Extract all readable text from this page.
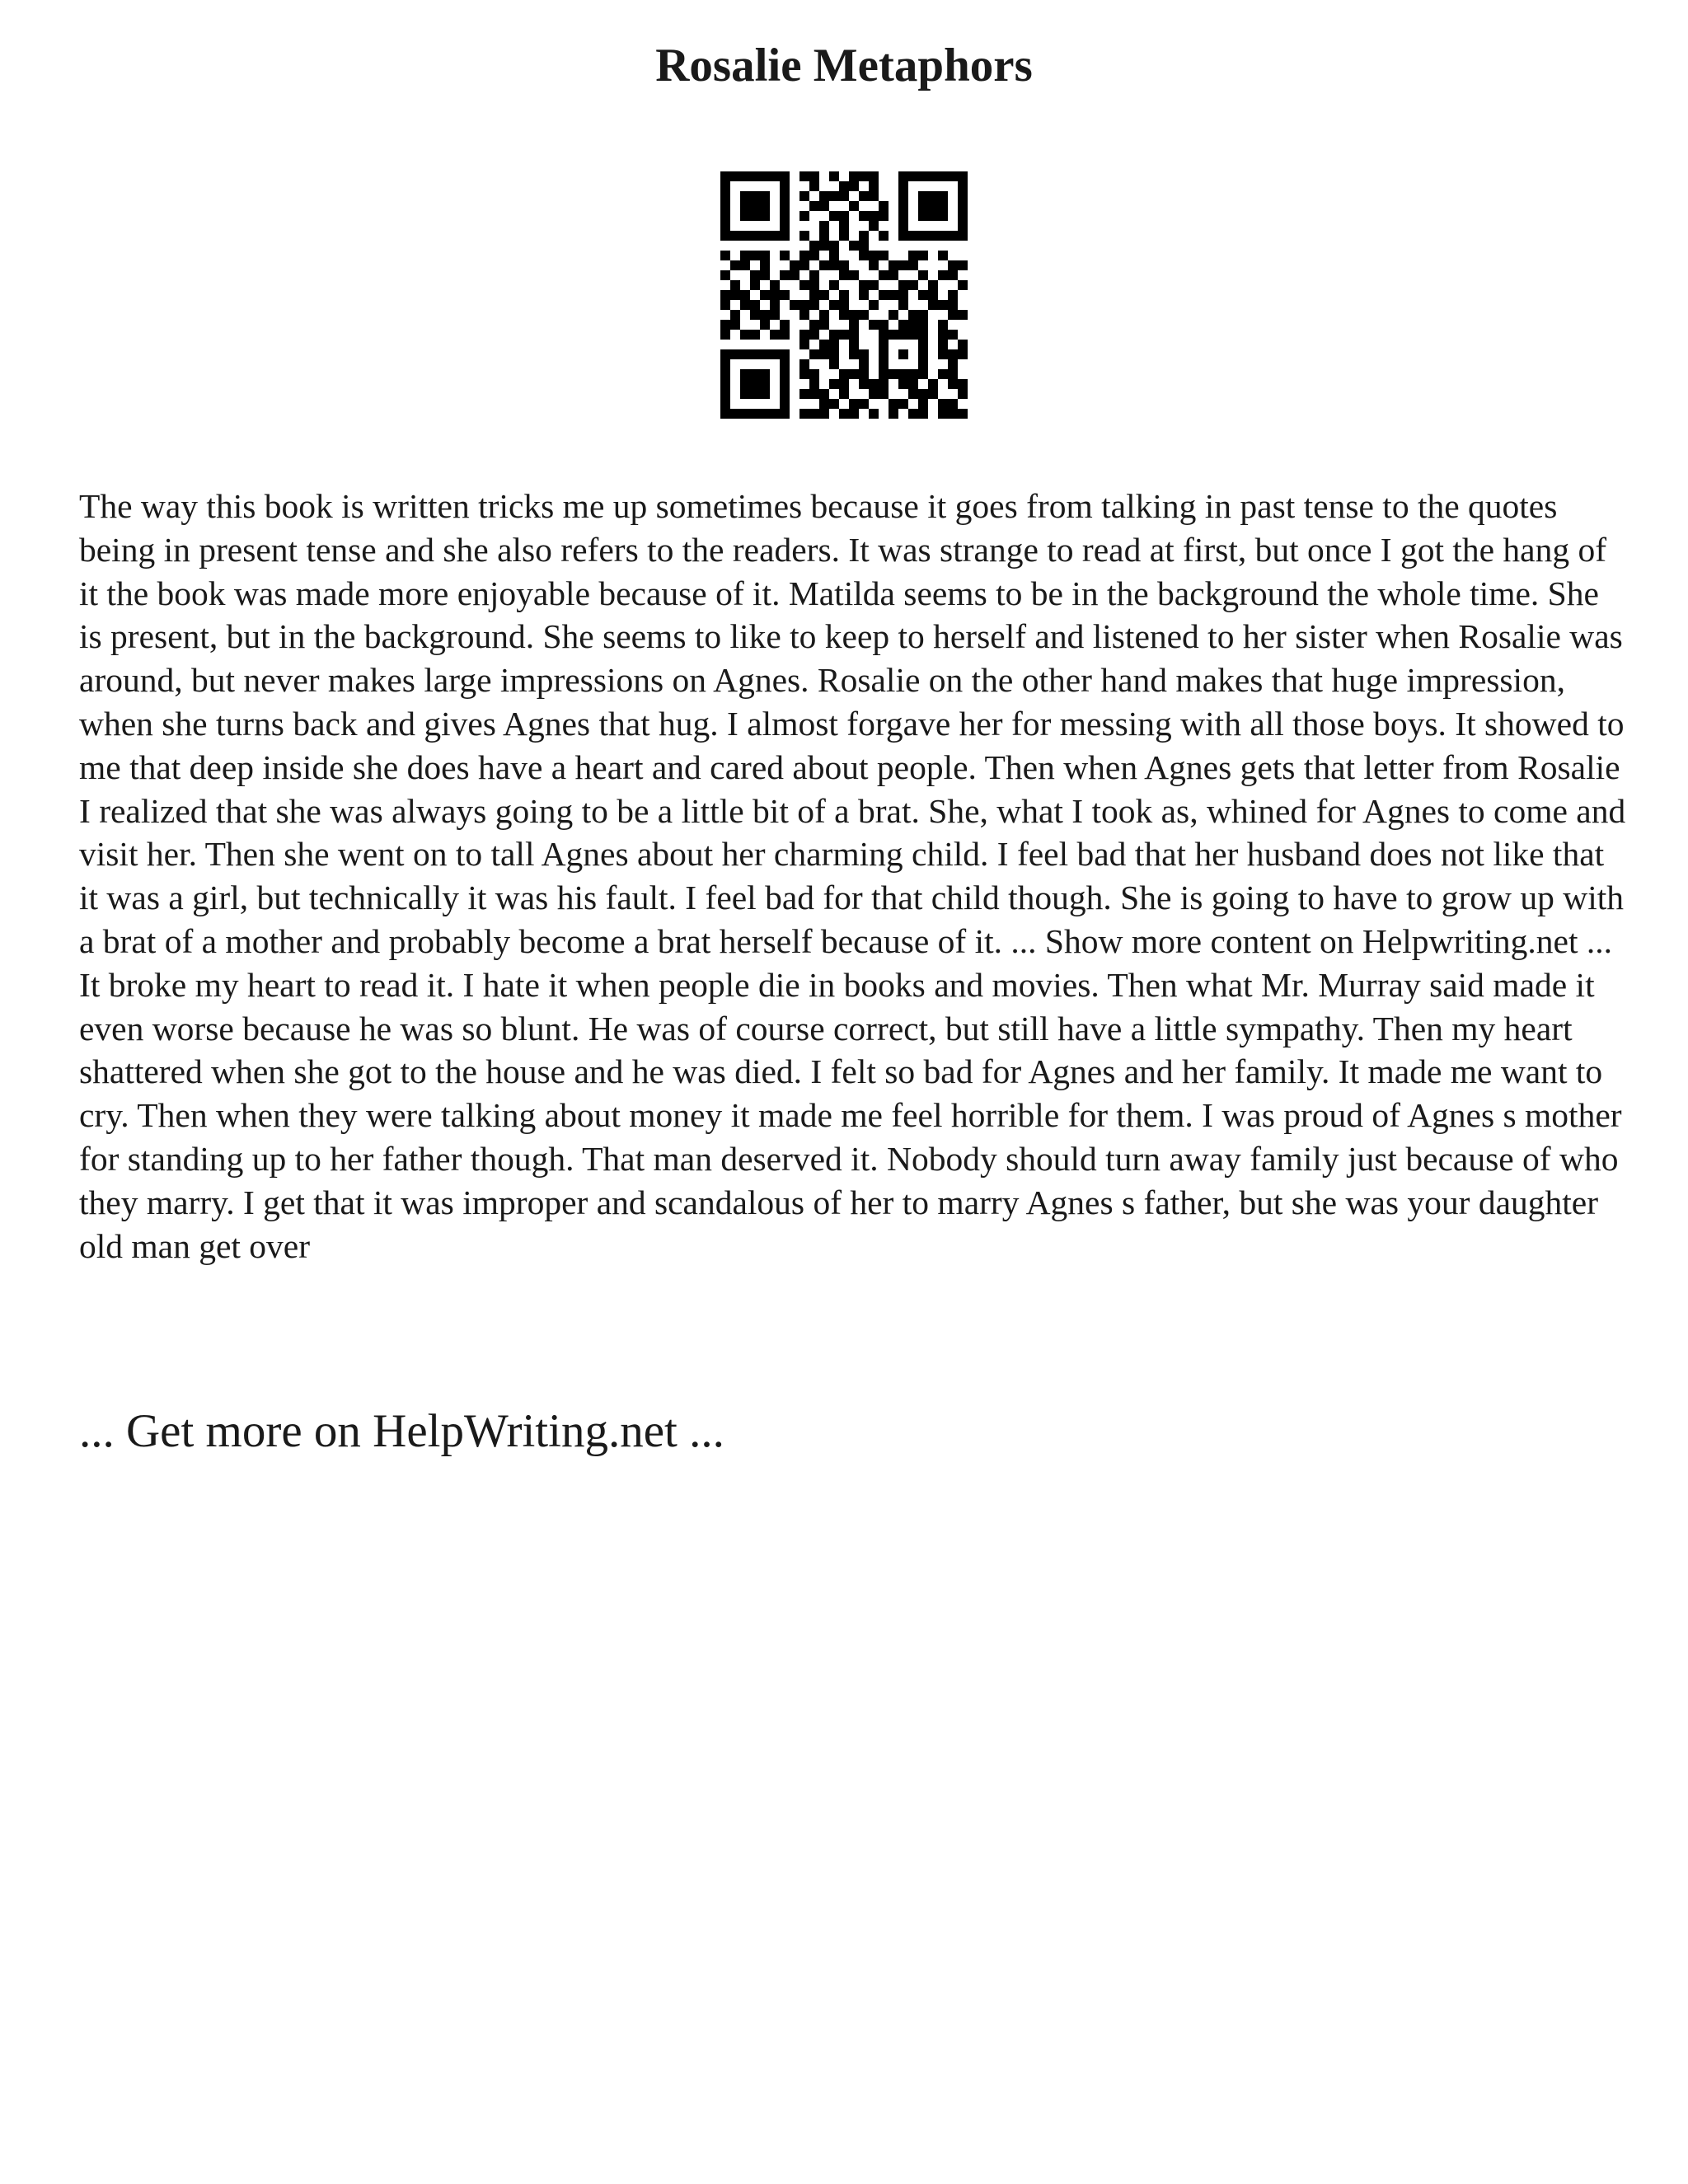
Rosalie Metaphors

The way this book is written tricks me up sometimes because it goes from talking in past tense to the quotes being in present tense and she also refers to the readers. It was strange to read at first, but once I got the hang of it the book was made more enjoyable because of it. Matilda seems to be in the background the whole time. She is present, but in the background. She seems to like to keep to herself and listened to her sister when Rosalie was around, but never makes large impressions on Agnes. Rosalie on the other hand makes that huge impression, when she turns back and gives Agnes that hug. I almost forgave her for messing with all those boys. It showed to me that deep inside she does have a heart and cared about people. Then when Agnes gets that letter from Rosalie I realized that she was always going to be a little bit of a brat. She, what I took as, whined for Agnes to come and visit her. Then she went on to tall Agnes about her charming child. I feel bad that her husband does not like that it was a girl, but technically it was his fault. I feel bad for that child though. She is going to have to grow up with a brat of a mother and probably become a brat herself because of it. ... Show more content on Helpwriting.net ...

It broke my heart to read it. I hate it when people die in books and movies. Then what Mr. Murray said made it even worse because he was so blunt. He was of course correct, but still have a little sympathy. Then my heart shattered when she got to the house and he was died. I felt so bad for Agnes and her family. It made me want to cry. Then when they were talking about money it made me feel horrible for them. I was proud of Agnes s mother for standing up to her father though. That man deserved it. Nobody should turn away family just because of who they marry. I get that it was improper and scandalous of her to marry Agnes s father, but she was your daughter old man get over

... Get more on HelpWriting.net ...
